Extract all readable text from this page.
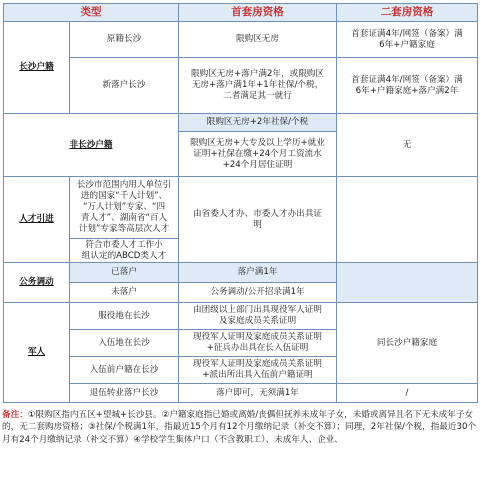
类型		首套房资格	二套房资格
长沙户籍	原籍长沙	限购区无房	首套证满4年/网签（备案）满
6年+户籍家庭
	新落户长沙	限购区无房+落户满2年，或限购区
无房+落户满1年+1年社保/个税，
二者满足其一就行	首套证满4年/网签（备案）满
6年+户籍家庭+落户满2年
非长沙户籍		限购区无房+2年社保/个税	无
		限购区无房+大专及以上学历+就业
证明+社保在缴+24个月工资流水
+24个月居住证明	
人才引进	长沙市范围内用人单位引
进的国家“千人计划”、
“万人计划”专家、“四
青人才”、湖南省“百人
计划”专家等高层次人才	由省委人才办、市委人才办出具证
明	
	符合市委人才工作小
组认定的ABCD类人才		
公务调动	已落户	落户满1年	
	未落户	公务调动/公开招录满1年	
军人	服役地在长沙	由团级以上部门出具现役军人证明
及家庭成员关系证明	同长沙户籍家庭
	入伍地在长沙	现役军人证明及家庭成员关系证明
+征兵办出具在长入伍证明	
	入伍前户籍在长沙	现役军人证明及家庭成员关系证明
+派出所出具入伍前户籍证明	
	退伍转业落户长沙	落户即可，无须满1年	/
备注：①限购区指内五区+望城+长沙县。②户籍家庭指已婚或离婚/丧偶但抚养未成年子女，未婚或离异且名下无未成年子女的，无二套购房资格；③社保/个税满1年，指最近15个月有12个月缴纳记录（补交不算）；同理，2年社保/个税，指最近30个月有24个月缴纳记录（补交不算）④学校学生集体户口（不含教职工）、未成年人、企业、
